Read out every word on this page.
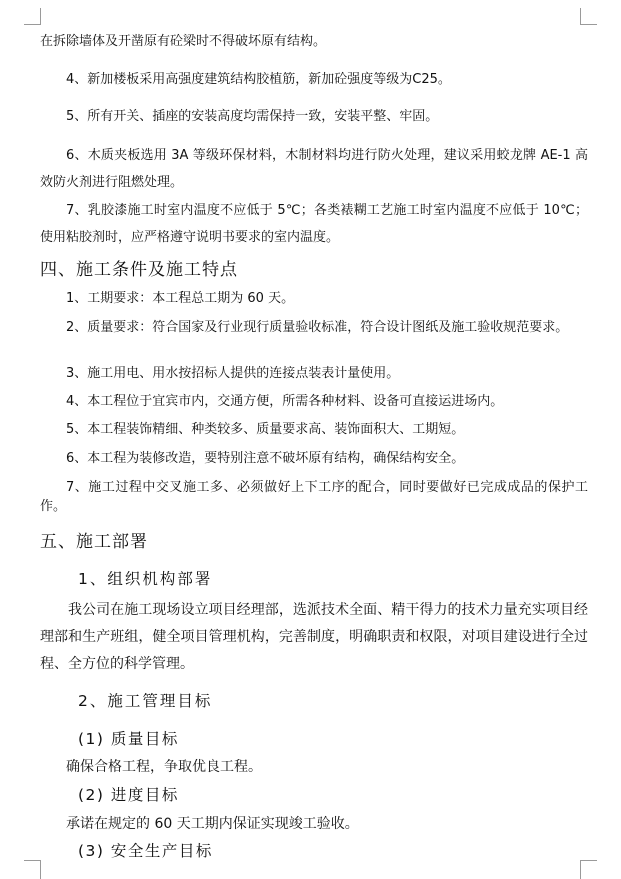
在拆除墙体及开凿原有砼梁时不得破坏原有结构。
4、新加楼板采用高强度建筑结构胶植筋，新加砼强度等级为C25。
5、所有开关、插座的安装高度均需保持一致，安装平整、牢固。
6、木质夹板选用 3A 等级环保材料，木制材料均进行防火处理，建议采用蛟龙牌 AE-1 高效防火剂进行阻燃处理。
7、乳胶漆施工时室内温度不应低于 5℃；各类裱糊工艺施工时室内温度不应低于 10℃；使用粘胶剂时，应严格遵守说明书要求的室内温度。
四、施工条件及施工特点
1、工期要求：本工程总工期为 60 天。
2、质量要求：符合国家及行业现行质量验收标准，符合设计图纸及施工验收规范要求。
3、施工用电、用水按招标人提供的连接点装表计量使用。
4、本工程位于宜宾市内，交通方便，所需各种材料、设备可直接运进场内。
5、本工程装饰精细、种类较多、质量要求高、装饰面积大、工期短。
6、本工程为装修改造，要特别注意不破坏原有结构，确保结构安全。
7、施工过程中交叉施工多、必须做好上下工序的配合，同时要做好已完成成品的保护工作。
五、施工部署
1、组织机构部署
我公司在施工现场设立项目经理部，选派技术全面、精干得力的技术力量充实项目经理部和生产班组，健全项目管理机构，完善制度，明确职责和权限，对项目建设进行全过程、全方位的科学管理。
2、施工管理目标
(1) 质量目标
确保合格工程，争取优良工程。
(2) 进度目标
承诺在规定的 60 天工期内保证实现竣工验收。
(3) 安全生产目标
